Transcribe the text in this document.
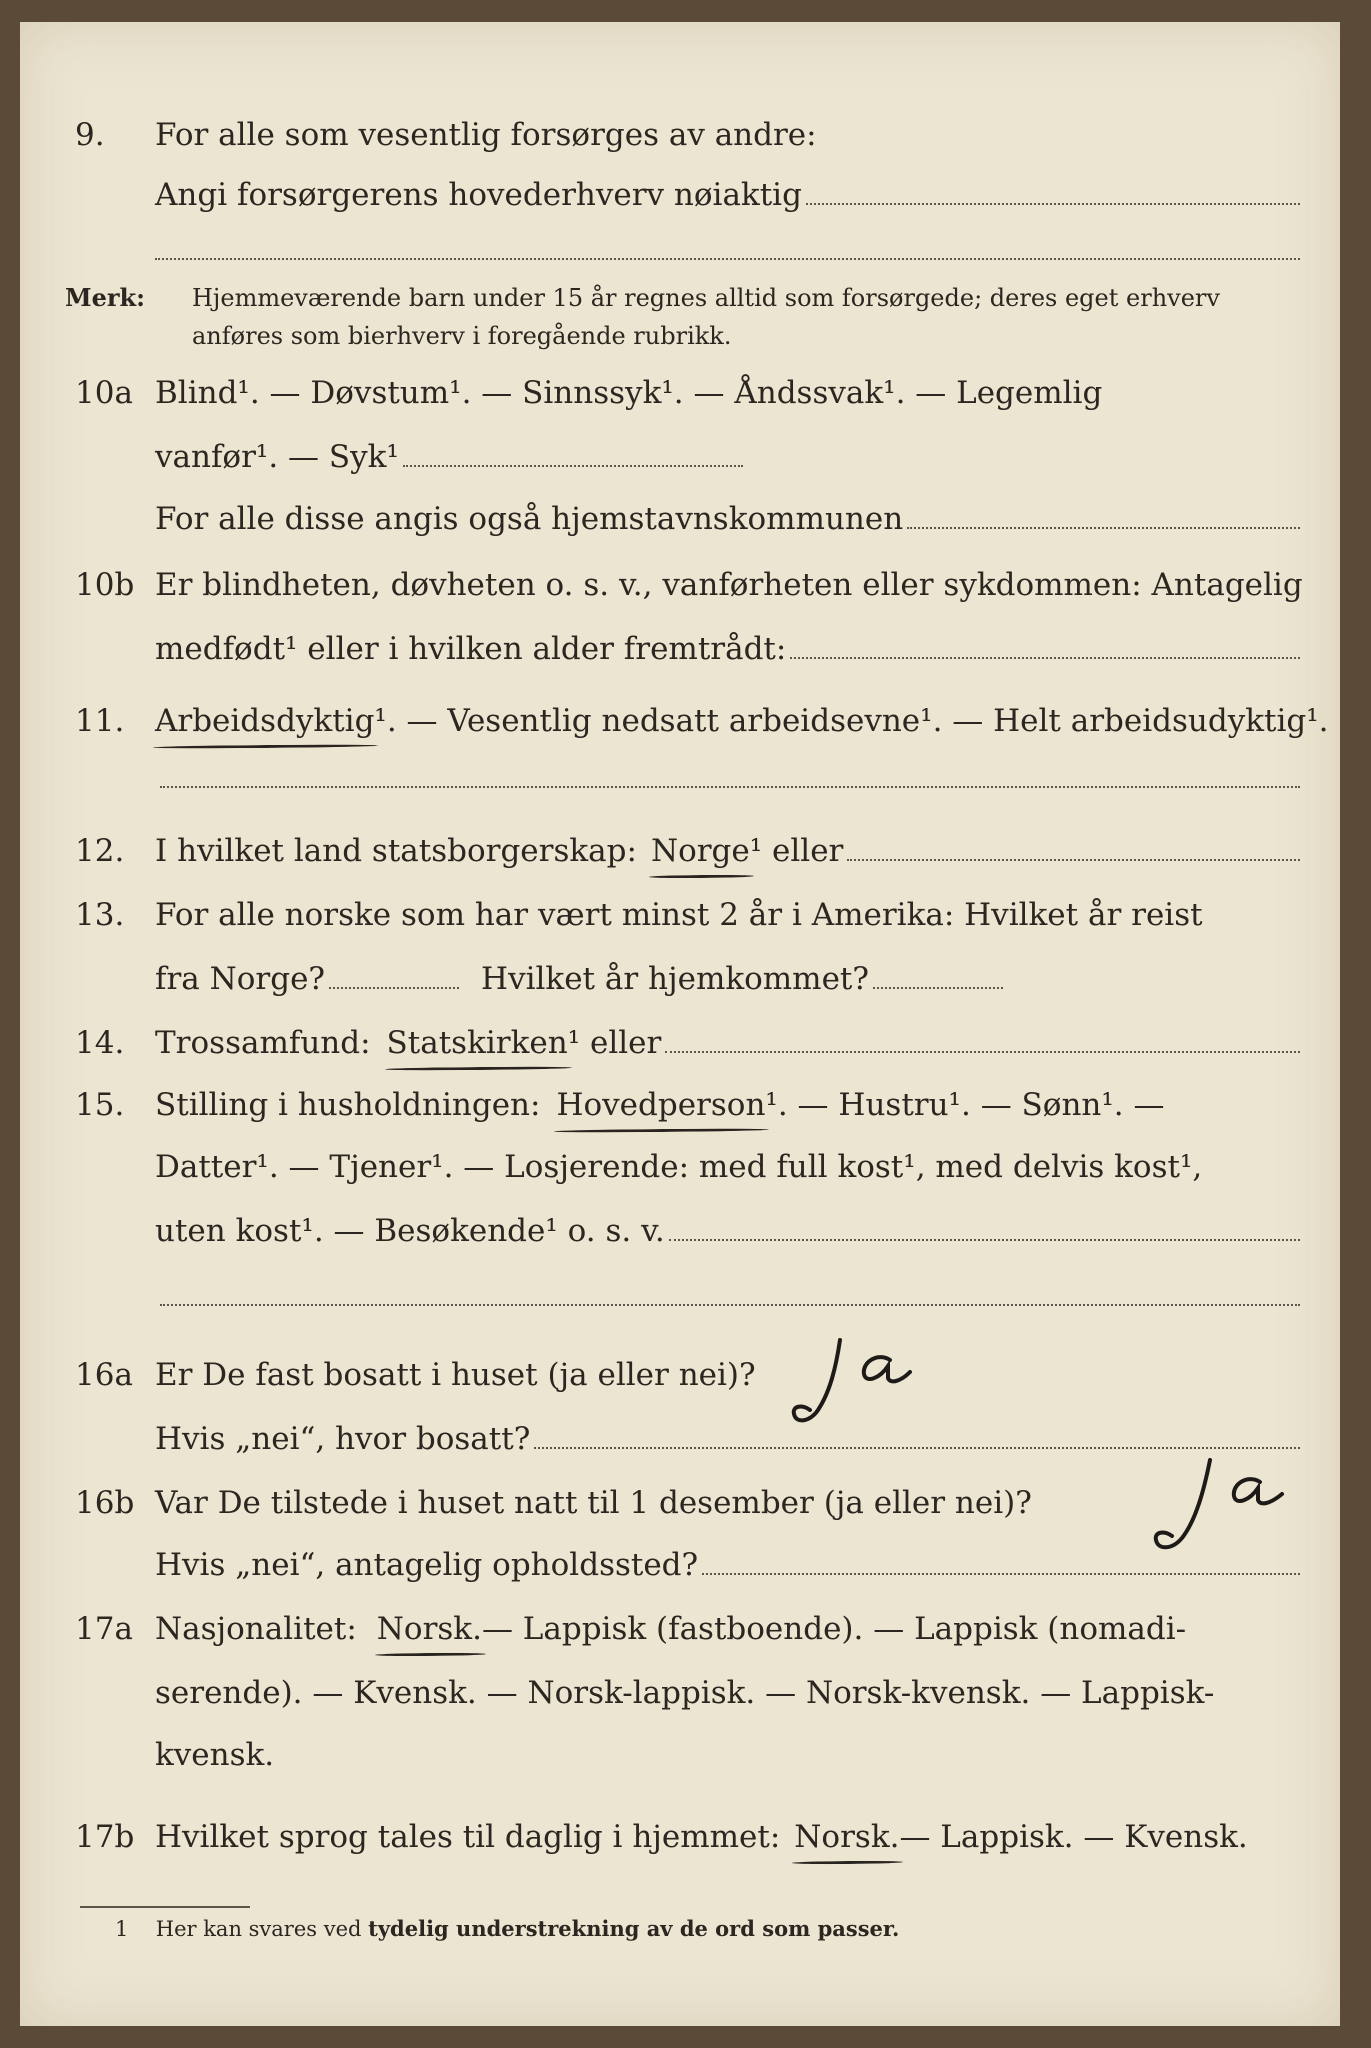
9. For alle som vesentlig forsørges av andre:
Angi forsørgerens hovederhverv nøiaktig
Merk: Hjemmeværende barn under 15 år regnes alltid som forsørgede; deres eget erhverv
anføres som bierhverv i foregående rubrikk.
10a Blind¹. — Døvstum¹. — Sinnssyk¹. — Åndssvak¹. — Legemlig
vanfør¹. — Syk¹
For alle disse angis også hjemstavnskommunen
10b Er blindheten, døvheten o. s. v., vanførheten eller sykdommen: Antagelig
medfødt¹ eller i hvilken alder fremtrådt:
11. Arbeidsdyktig ¹. — Vesentlig nedsatt arbeidsevne¹. — Helt arbeidsudyktig¹.
12. I hvilket land statsborgerskap: Norge ¹ eller
13. For alle norske som har vært minst 2 år i Amerika: Hvilket år reist
fra Norge?	Hvilket år hjemkommet?
14. Trossamfund: Statskirken ¹ eller
15. Stilling i husholdningen: Hovedperson ¹. — Hustru¹. — Sønn¹. —
Datter¹. — Tjener¹. — Losjerende: med full kost¹, med delvis kost¹,
uten kost¹. — Besøkende¹ o. s. v.
16a Er De fast bosatt i huset (ja eller nei)?
Hvis „nei“, hvor bosatt?
16b Var De tilstede i huset natt til 1 desember (ja eller nei)?
Hvis „nei“, antagelig opholdssted?
17a Nasjonalitet: Norsk. — Lappisk (fastboende). — Lappisk (nomadi-
serende). — Kvensk. — Norsk-lappisk. — Norsk-kvensk. — Lappisk-
kvensk.
17b Hvilket sprog tales til daglig i hjemmet: Norsk. — Lappisk. — Kvensk.
1 Her kan svares ved tydelig understrekning av de ord som passer.
